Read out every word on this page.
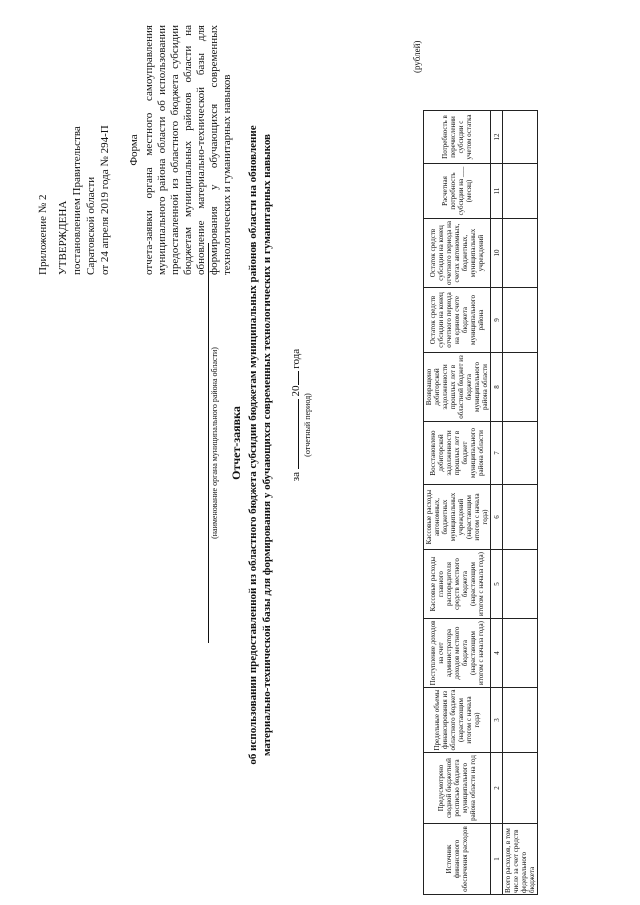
Приложение № 2 УТВЕРЖДЕНА постановлением Правительства Саратовской области от 24 апреля 2019 года № 294-П Форма отчета-заявки органа местного самоуправления муниципального района области об использовании предоставленной из областного бюджета субсидии бюджетам муниципальных районов области на обновление материально-технической базы для формирования у обучающихся современных технологических и гуманитарных навыков
(наименование органа муниципального района области) Отчет-заявка об использовании предоставленной из областного бюджета субсидии бюджетам муниципальных районов области на обновление материально-технической базы для формирования у обучающихся современных технологических и гуманитарных навыков за  20 года
(отчетный период)
(рублей)
Источник финансового обеспечения расходов	Предусмотрено сводной бюджетной росписью бюджета муниципального района области на год	Предельные объемы финансирования из областного бюджета (нарастающим итогом с начала года)	Поступление доходов на счет администратора доходов местного бюджета (нарастающим итогом с начала года)	Кассовые расходы главного распорядителя средств местного бюджета (нарастающим итогом с начала года)	Кассовые расходы автономных, бюджетных муниципальных учреждений (нарастающим итогом с начала года)	Восстановлено дебиторской задолженности прошлых лет в бюджет муниципального района области	Возвращено дебиторской задолженности прошлых лет в областной бюджет из бюджета муниципального района области	Остаток средств субсидии на конец отчетного периода на едином счете бюджета муниципального района	Остаток средств субсидии на конец отчетного периода на счетах автономных, бюджетных, муниципальных учреждений	Расчетная потребность субсидии на ___ (месяц)	Потребность в перечислении субсидии с учетом остатка
1	2	3	4	5	6	7	8	9	10	11	12
Всего расходов, в том числе за счет средств федерального бюджета											
